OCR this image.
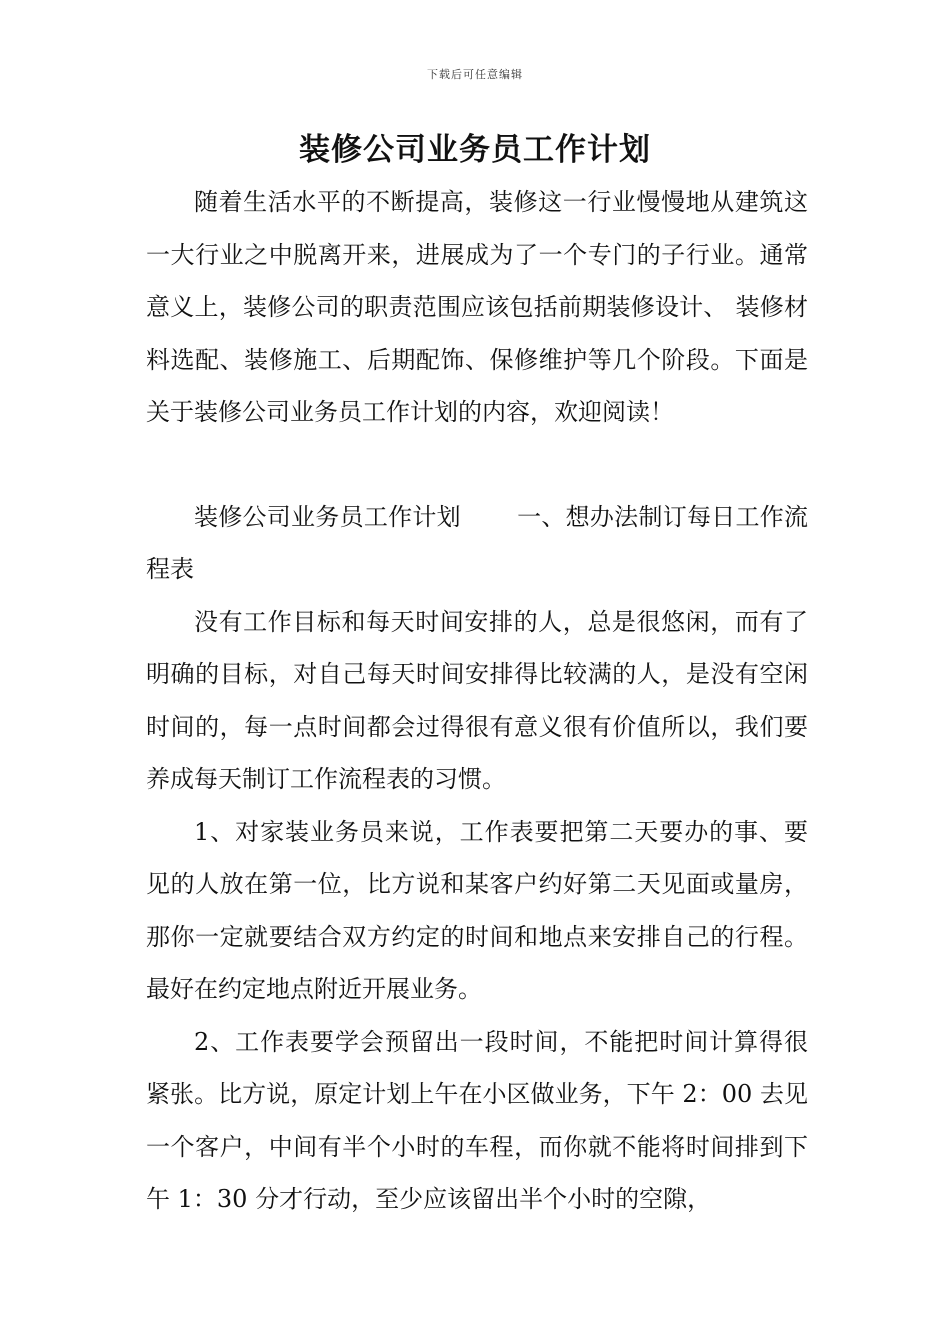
下载后可任意编辑
装修公司业务员工作计划

随着生活水平的不断提高，装修这一行业慢慢地从建筑这一大行业之中脱离开来，进展成为了一个专门的子行业。通常意义上，装修公司的职责范围应该包括前期装修设计、 装修材料选配、装修施工、后期配饰、保修维护等几个阶段。下面是关于装修公司业务员工作计划的内容，欢迎阅读！

装修公司业务员工作计划 一、想办法制订每日工作流程表

没有工作目标和每天时间安排的人，总是很悠闲，而有了明确的目标，对自己每天时间安排得比较满的人，是没有空闲时间的，每一点时间都会过得很有意义很有价值所以，我们要养成每天制订工作流程表的习惯。

1、对家装业务员来说，工作表要把第二天要办的事、要见的人放在第一位，比方说和某客户约好第二天见面或量房，那你一定就要结合双方约定的时间和地点来安排自己的行程。最好在约定地点附近开展业务。

2、工作表要学会预留出一段时间，不能把时间计算得很紧张。比方说，原定计划上午在小区做业务，下午 2：00 去见一个客户，中间有半个小时的车程，而你就不能将时间排到下午 1：30 分才行动，至少应该留出半个小时的空隙，
